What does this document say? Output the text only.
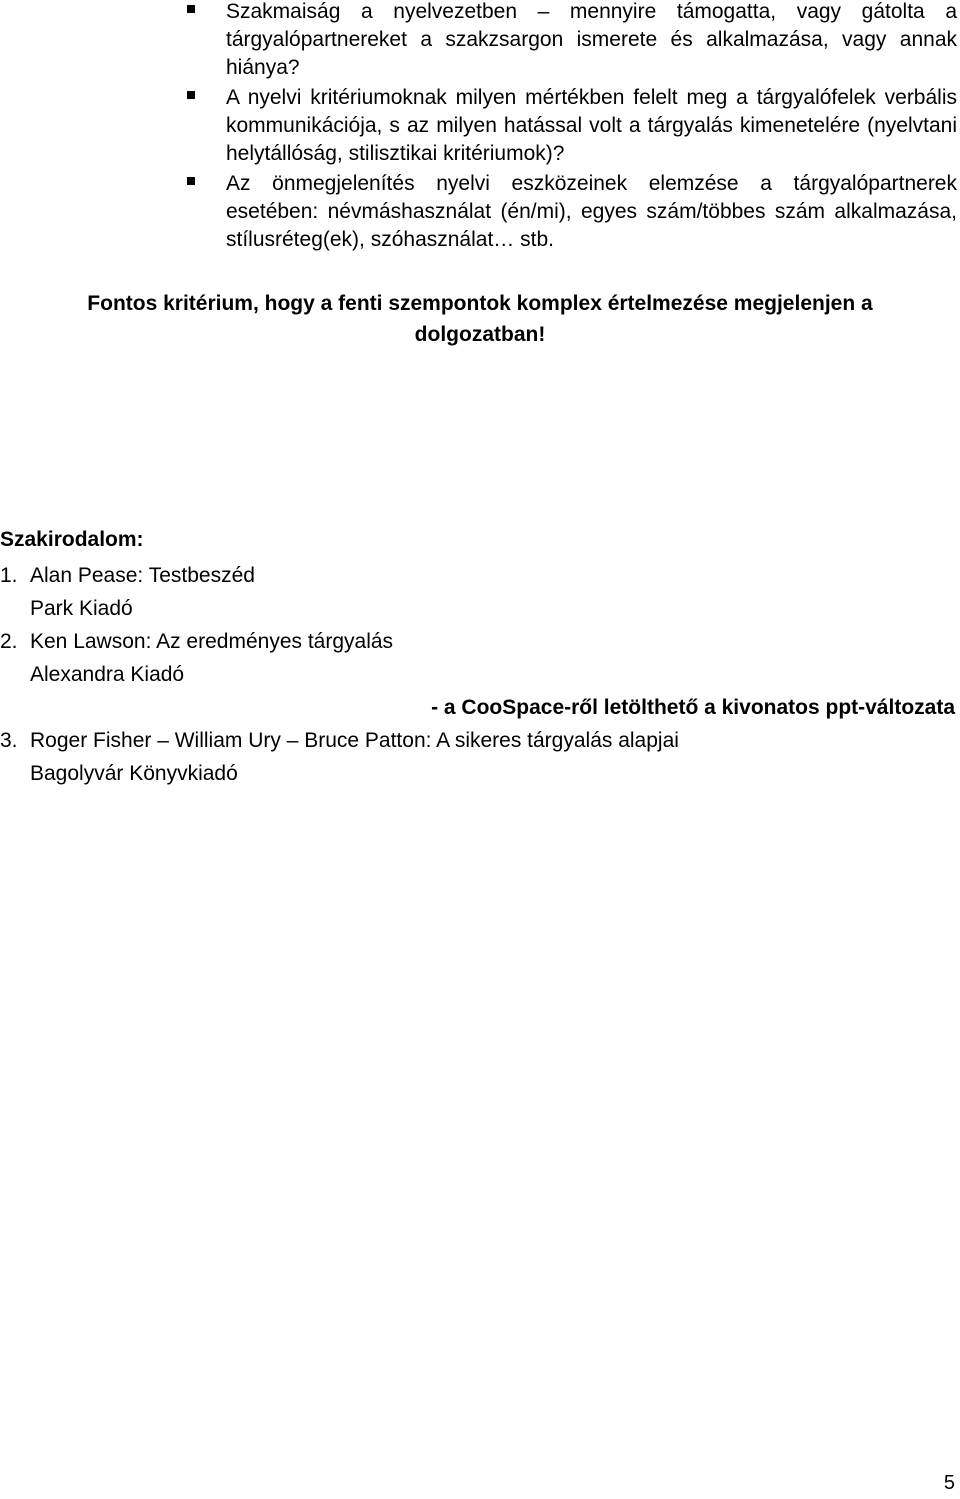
Szakmaiság a nyelvezetben – mennyire támogatta, vagy gátolta a tárgyalópartnereket a szakzsargon ismerete és alkalmazása, vagy annak hiánya?
A nyelvi kritériumoknak milyen mértékben felelt meg a tárgyalófelek verbális kommunikációja, s az milyen hatással volt a tárgyalás kimenetelére (nyelvtani helytállóság, stilisztikai kritériumok)?
Az önmegjelenítés nyelvi eszközeinek elemzése a tárgyalópartnerek esetében: névmáshasználat (én/mi), egyes szám/többes szám alkalmazása, stílusréteg(ek), szóhasználat… stb.
Fontos kritérium, hogy a fenti szempontok komplex értelmezése megjelenjen a dolgozatban!
Szakirodalom:
1. Alan Pease: Testbeszéd
Park Kiadó
2. Ken Lawson: Az eredményes tárgyalás
Alexandra Kiadó
- a CooSpace-ről letölthető a kivonatos ppt-változata
3. Roger Fisher – William Ury – Bruce Patton: A sikeres tárgyalás alapjai
Bagolyvár Könyvkiadó
5
